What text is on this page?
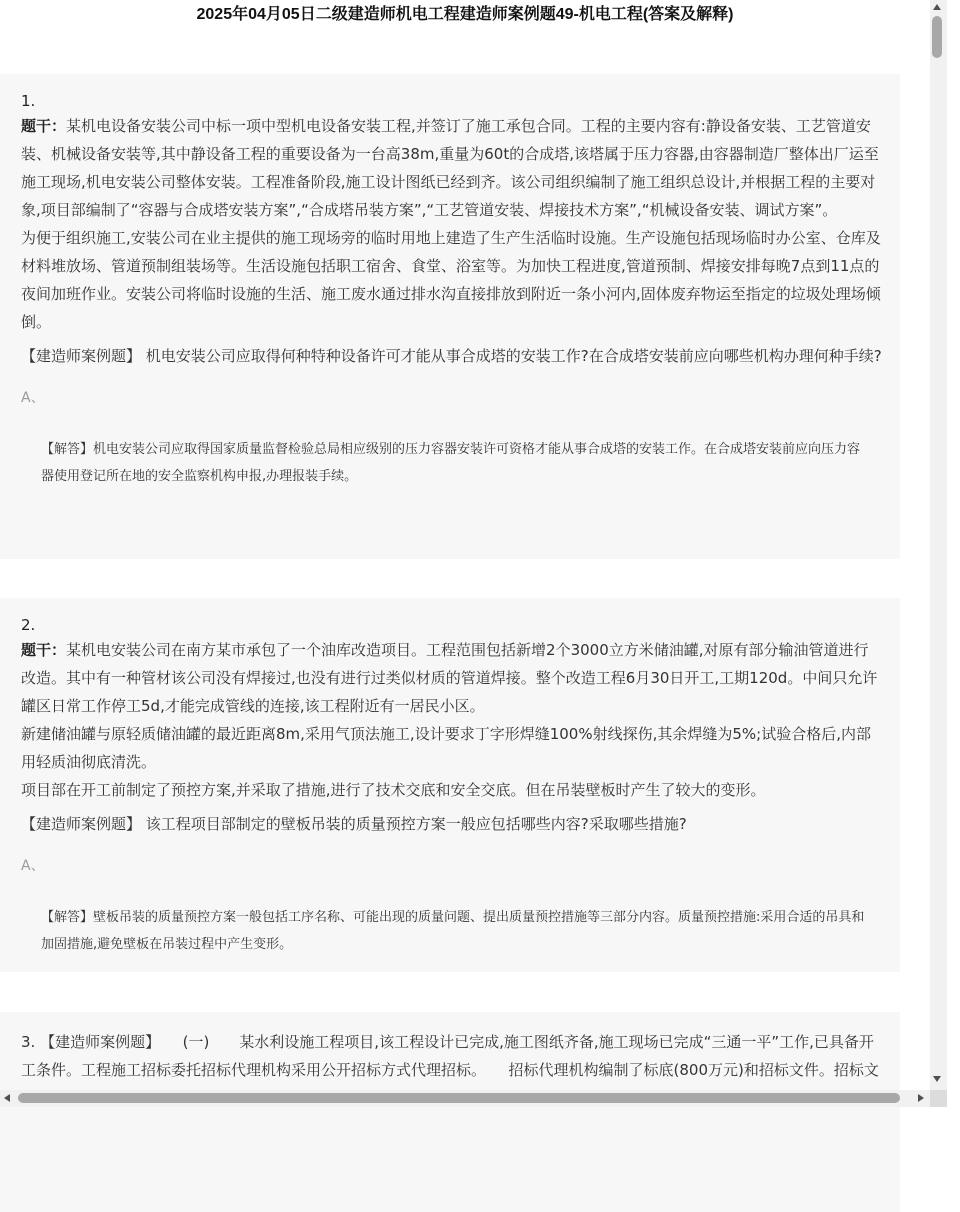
2025年04月05日二级建造师机电工程建造师案例题49-机电工程(答案及解释)
1.

题干：某机电设备安装公司中标一项中型机电设备安装工程,并签订了施工承包合同。工程的主要内容有:静设备安装、工艺管道安装、机械设备安装等,其中静设备工程的重要设备为一台高38m,重量为60t的合成塔,该塔属于压力容器,由容器制造厂整体出厂运至施工现场,机电安装公司整体安装。工程准备阶段,施工设计图纸已经到齐。该公司组织编制了施工组织总设计,并根据工程的主要对象,项目部编制了“容器与合成塔安装方案”,“合成塔吊装方案”,“工艺管道安装、焊接技术方案”,“机械设备安装、调试方案”。

为便于组织施工,安装公司在业主提供的施工现场旁的临时用地上建造了生产生活临时设施。生产设施包括现场临时办公室、仓库及材料堆放场、管道预制组装场等。生活设施包括职工宿舍、食堂、浴室等。为加快工程进度,管道预制、焊接安排每晚7点到11点的夜间加班作业。安装公司将临时设施的生活、施工废水通过排水沟直接排放到附近一条小河内,固体废弃物运至指定的垃圾处理场倾倒。

【建造师案例题】 机电安装公司应取得何种特种设备许可才能从事合成塔的安装工作?在合成塔安装前应向哪些机构办理何种手续?

A、

【解答】机电安装公司应取得国家质量监督检验总局相应级别的压力容器安装许可资格才能从事合成塔的安装工作。在合成塔安装前应向压力容器使用登记所在地的安全监察机构申报,办理报装手续。

2.

题干：某机电安装公司在南方某市承包了一个油库改造项目。工程范围包括新增2个3000立方米储油罐,对原有部分输油管道进行改造。其中有一种管材该公司没有焊接过,也没有进行过类似材质的管道焊接。整个改造工程6月30日开工,工期120d。中间只允许罐区日常工作停工5d,才能完成管线的连接,该工程附近有一居民小区。

新建储油罐与原轻质储油罐的最近距离8m,采用气顶法施工,设计要求丁字形焊缝100%射线探伤,其余焊缝为5%;试验合格后,内部用轻质油彻底清洗。

项目部在开工前制定了预控方案,并采取了措施,进行了技术交底和安全交底。但在吊装壁板时产生了较大的变形。

【建造师案例题】 该工程项目部制定的壁板吊装的质量预控方案一般应包括哪些内容?采取哪些措施?

A、

【解答】壁板吊装的质量预控方案一般包括工序名称、可能出现的质量问题、提出质量预控措施等三部分内容。质量预控措施:采用合适的吊具和加固措施,避免壁板在吊装过程中产生变形。

3. 【建造师案例题】　　(一)　　某水利设施工程项目,该工程设计已完成,施工图纸齐备,施工现场已完成“三通一平”工作,已具备开工条件。工程施工招标委托招标代理机构采用公开招标方式代理招标。　　招标代理机构编制了标底(800万元)和招标文件。招标文　　
